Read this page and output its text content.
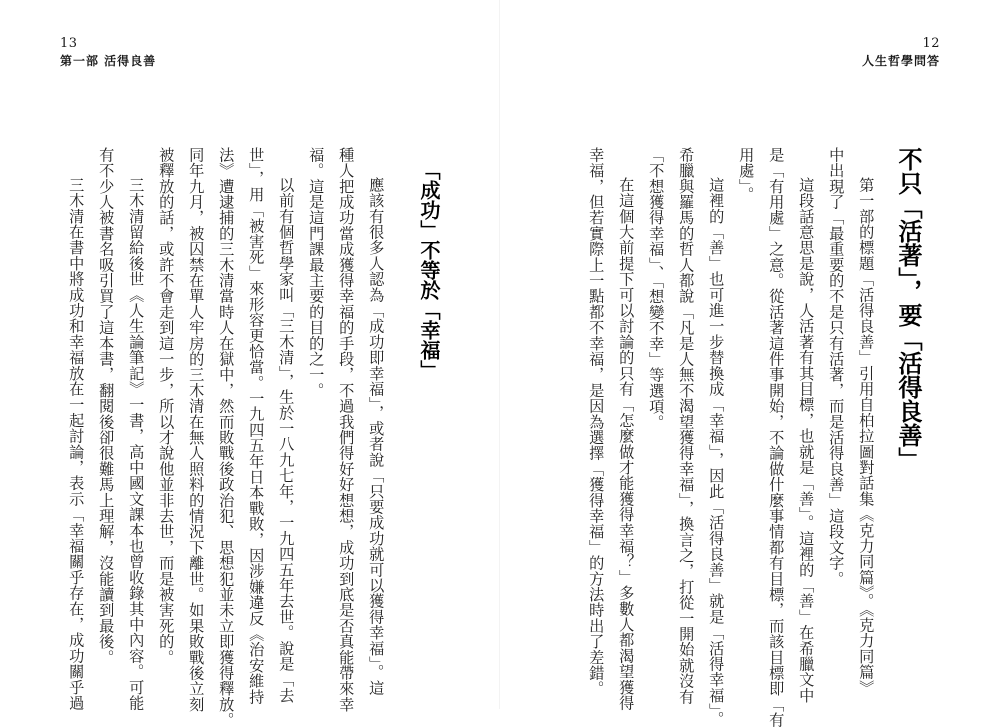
13
第一部 活得良善
12
人生哲學問答
不只「活著」，要「活得良善」
第一部的標題「活得良善」引用自柏拉圖對話集《克力同篇》。《克力同篇》
中出現了「最重要的不是只有活著，而是活得良善」這段文字。
這段話意思是說，人活著有其目標，也就是「善」。這裡的「善」在希臘文中
是「有用處」之意。從活著這件事開始，不論做什麼事情都有目標，而該目標即「有
用處」。
這裡的「善」也可進一步替換成「幸福」，因此「活得良善」就是「活得幸福」。
希臘與羅馬的哲人都說「凡是人無不渴望獲得幸福」，換言之，打從一開始就沒有
「不想獲得幸福」、「想變不幸」等選項。
在這個大前提下可以討論的只有「怎麼做才能獲得幸福？」多數人都渴望獲得
幸福，但若實際上一點都不幸福，是因為選擇「獲得幸福」的方法時出了差錯。
「成功」不等於「幸福」
應該有很多人認為「成功即幸福」，或者說「只要成功就可以獲得幸福」。這
種人把成功當成獲得幸福的手段，不過我們得好好想想，成功到底是否真能帶來幸
福。這是這門課最主要的目的之一。
以前有個哲學家叫「三木清」，生於一八九七年，一九四五年去世。說是「去
世」，用「被害死」來形容更恰當。一九四五年日本戰敗，因涉嫌違反《治安維持
法》遭逮捕的三木清當時人在獄中，然而敗戰後政治犯、思想犯並未立即獲得釋放。
同年九月，被囚禁在單人牢房的三木清在無人照料的情況下離世。如果敗戰後立刻
被釋放的話，或許不會走到這一步，所以才說他並非去世，而是被害死的。
三木清留給後世《人生論筆記》一書，高中國文課本也曾收錄其中內容。可能
有不少人被書名吸引買了這本書，翻閱後卻很難馬上理解，沒能讀到最後。
三木清在書中將成功和幸福放在一起討論，表示「幸福關乎存在，成功關乎過
